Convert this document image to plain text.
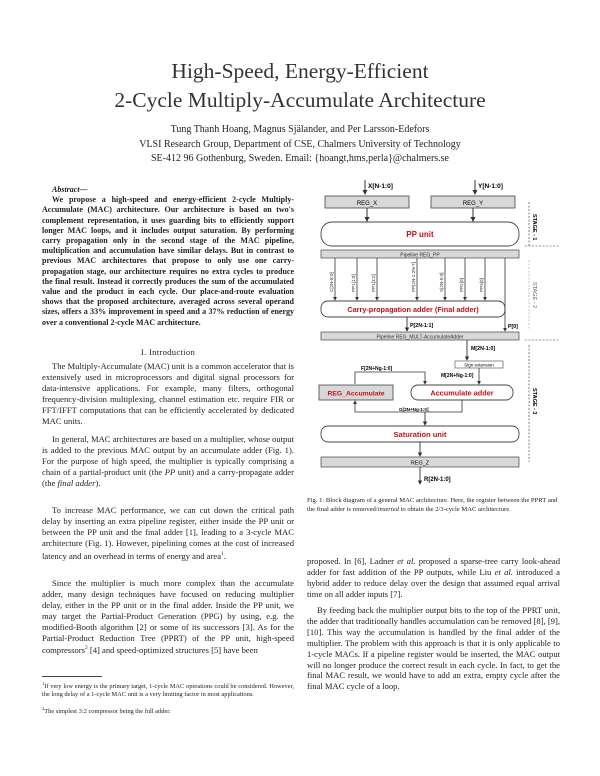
High-Speed, Energy-Efficient
2-Cycle Multiply-Accumulate Architecture
Tung Thanh Hoang, Magnus Själander, and Per Larsson-Edefors
VLSI Research Group, Department of CSE, Chalmers University of Technology
SE-412 96 Gothenburg, Sweden. Email: {hoangt,hms,perla}@chalmers.se
Abstract—
We propose a high-speed and energy-efficient 2-cycle Multiply-Accumulate (MAC) architecture. Our architecture is based on two's complement representation, it uses guarding bits to efficiently support longer MAC loops, and it includes output saturation. By performing carry propagation only in the second stage of the MAC pipeline, multiplication and accumulation have similar delays. But in contrast to previous MAC architectures that propose to only use one carry-propagation stage, our architecture requires no extra cycles to produce the final result. Instead it correctly produces the sum of the accumulated value and the product in each cycle. Our place-and-route evaluation shows that the proposed architecture, averaged across several operand sizes, offers a 33% improvement in speed and a 37% reduction of energy over a conventional 2-cycle MAC architecture.
I. Introduction
The Multiply-Accumulate (MAC) unit is a common accelerator that is extensively used in microprocessors and digital signal processors for data-intensive applications. For example, many filters, orthogonal frequency-division multiplexing, channel estimation etc. require FIR or FFT/IFFT computations that can be efficiently accelerated by dedicated MAC units.
In general, MAC architectures are based on a multiplier, whose output is added to the previous MAC output by an accumulate adder (Fig. 1). For the purpose of high speed, the multiplier is typically comprising a chain of a partial-product unit (the PP unit) and a carry-propagate adder (the final adder).
To increase MAC performance, we can cut down the critical path delay by inserting an extra pipeline register, either inside the PP unit or between the PP unit and the final adder [1], leading to a 3-cycle MAC architecture (Fig. 1). However, pipelining comes at the cost of increased latency and an overhead in terms of energy and area$^1$.
Since the multiplier is much more complex than the accumulate adder, many design techniques have focused on reducing multiplier delay, either in the PP unit or in the final adder. Inside the PP unit, we may target the Partial-Product Generation (PPG) by using, e.g. the modified-Booth algorithm [2] or some of its successors [3]. As for the Partial-Product Reduction Tree (PPRT) of the PP unit, high-speed compressors$^2$ [4] and speed-optimized structures [5] have been
$^1$If very low energy is the primary target, 1-cycle MAC operations could be considered. However, the long delay of a 1-cycle MAC unit is a very limiting factor in most applications.
$^2$The simplest 3:2 compressor being the full adder.
X[N-1:0]	Y[N-1:0]
REG_X	REG_Y
PP unit
Pipeline REG_PP
C[2N-8:0]	PP1[1:0]	PP1[3:2]	PP[2N-1:2N-7]	S[2N-5:0]	PP2[0]	PP3[0]
Carry-propagation adder (Final adder)
P[0]
P[2N-1:1]
Pipeline REG_MULT-AccumulateAdder
M[2N-1:0]
Sign extension
M[2N+Ng-1:0]
F[2N+Ng-1:0]
REG_Accumulate	Accumulate adder
G[2N+Ng-1:0]
Saturation unit
REG_Z
R[2N-1:0]
STAGE - 1
STAGE - 2
STAGE - 3
Fig. 1: Block diagram of a general MAC architecture. Here, the register between the PPRT and the final adder is removed/inserted to obtain the 2/3-cycle MAC architecture.
proposed. In [6], Ladner et al. proposed a sparse-tree carry look-ahead adder for fast addition of the PP outputs, while Liu et al. introduced a hybrid adder to reduce delay over the design that assumed equal arrival time on all adder inputs [7].
By feeding back the multiplier output bits to the top of the PPRT unit, the adder that traditionally handles accumulation can be removed [8], [9], [10]. This way the accumulation is handled by the final adder of the multiplier. The problem with this approach is that it is only applicable to 1-cycle MACs. If a pipeline register would be inserted, the MAC output will no longer produce the correct result in each cycle. In fact, to get the final MAC result, we would have to add an extra, empty cycle after the final MAC cycle of a loop.
